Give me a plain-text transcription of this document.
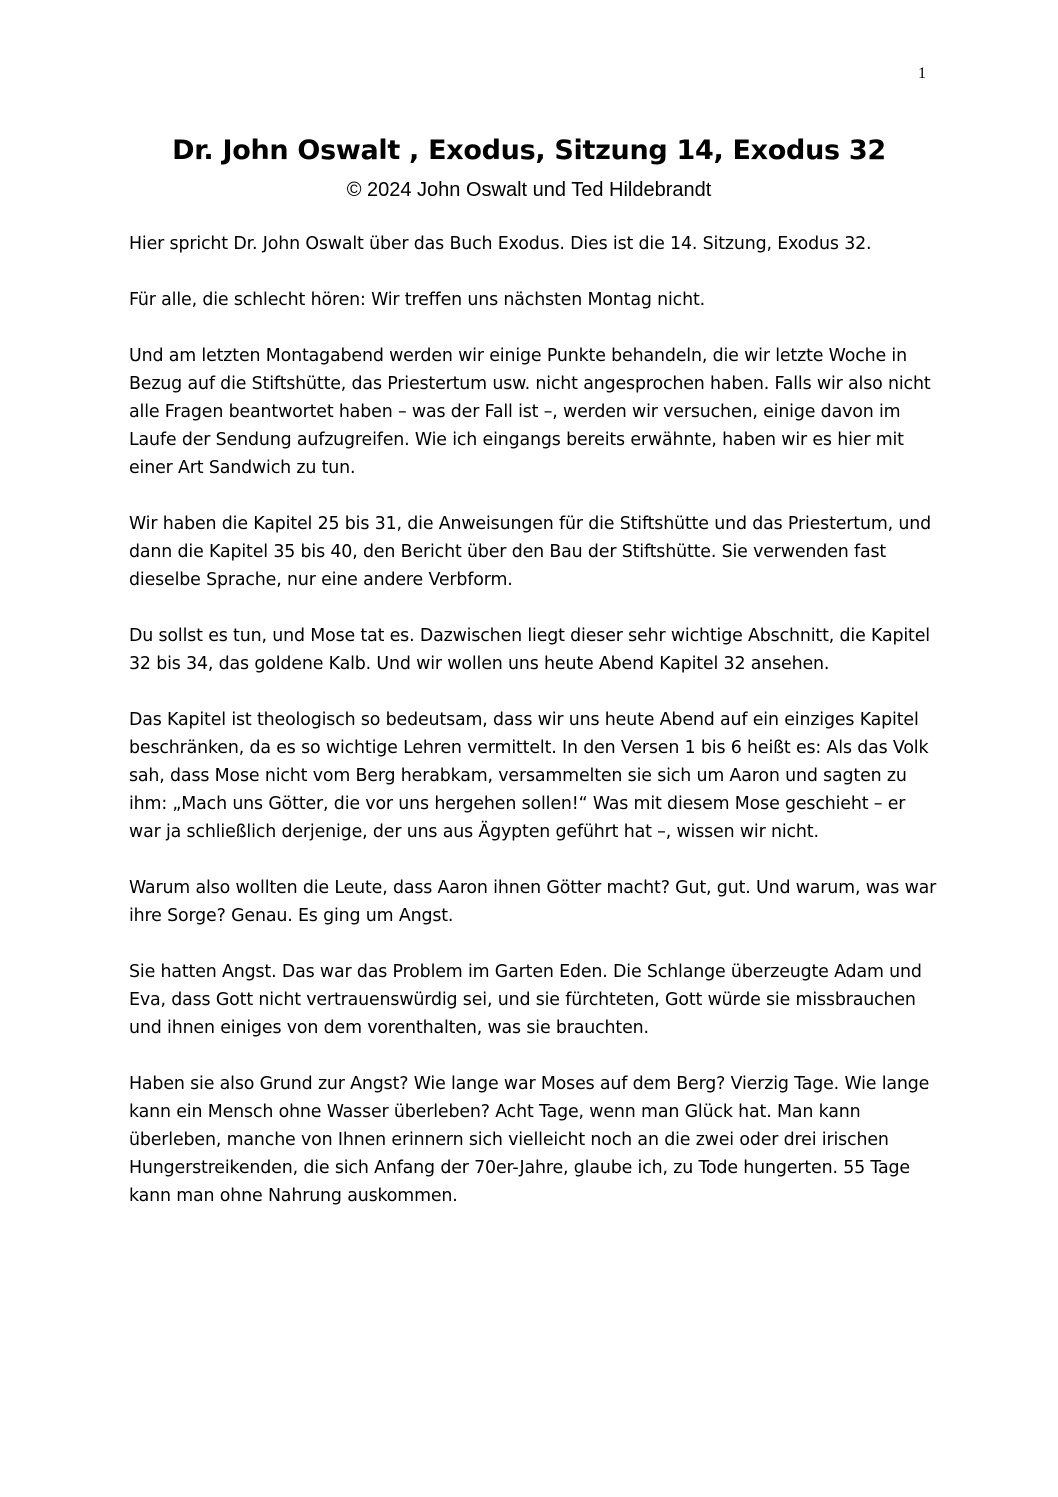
1
Dr. John Oswalt , Exodus, Sitzung 14, Exodus 32
© 2024 John Oswalt und Ted Hildebrandt

Hier spricht Dr. John Oswalt über das Buch Exodus. Dies ist die 14. Sitzung, Exodus 32.

Für alle, die schlecht hören: Wir treffen uns nächsten Montag nicht.

Und am letzten Montagabend werden wir einige Punkte behandeln, die wir letzte Woche in Bezug auf die Stiftshütte, das Priestertum usw. nicht angesprochen haben. Falls wir also nicht alle Fragen beantwortet haben – was der Fall ist –, werden wir versuchen, einige davon im Laufe der Sendung aufzugreifen. Wie ich eingangs bereits erwähnte, haben wir es hier mit einer Art Sandwich zu tun.

Wir haben die Kapitel 25 bis 31, die Anweisungen für die Stiftshütte und das Priestertum, und dann die Kapitel 35 bis 40, den Bericht über den Bau der Stiftshütte. Sie verwenden fast dieselbe Sprache, nur eine andere Verbform.

Du sollst es tun, und Mose tat es. Dazwischen liegt dieser sehr wichtige Abschnitt, die Kapitel 32 bis 34, das goldene Kalb. Und wir wollen uns heute Abend Kapitel 32 ansehen.

Das Kapitel ist theologisch so bedeutsam, dass wir uns heute Abend auf ein einziges Kapitel beschränken, da es so wichtige Lehren vermittelt. In den Versen 1 bis 6 heißt es: Als das Volk sah, dass Mose nicht vom Berg herabkam, versammelten sie sich um Aaron und sagten zu ihm: „Mach uns Götter, die vor uns hergehen sollen!“ Was mit diesem Mose geschieht – er war ja schließlich derjenige, der uns aus Ägypten geführt hat –, wissen wir nicht.

Warum also wollten die Leute, dass Aaron ihnen Götter macht? Gut, gut. Und warum, was war ihre Sorge? Genau. Es ging um Angst.

Sie hatten Angst. Das war das Problem im Garten Eden. Die Schlange überzeugte Adam und Eva, dass Gott nicht vertrauenswürdig sei, und sie fürchteten, Gott würde sie missbrauchen und ihnen einiges von dem vorenthalten, was sie brauchten.

Haben sie also Grund zur Angst? Wie lange war Moses auf dem Berg? Vierzig Tage. Wie lange kann ein Mensch ohne Wasser überleben? Acht Tage, wenn man Glück hat. Man kann überleben, manche von Ihnen erinnern sich vielleicht noch an die zwei oder drei irischen Hungerstreikenden, die sich Anfang der 70er-Jahre, glaube ich, zu Tode hungerten. 55 Tage kann man ohne Nahrung auskommen.
